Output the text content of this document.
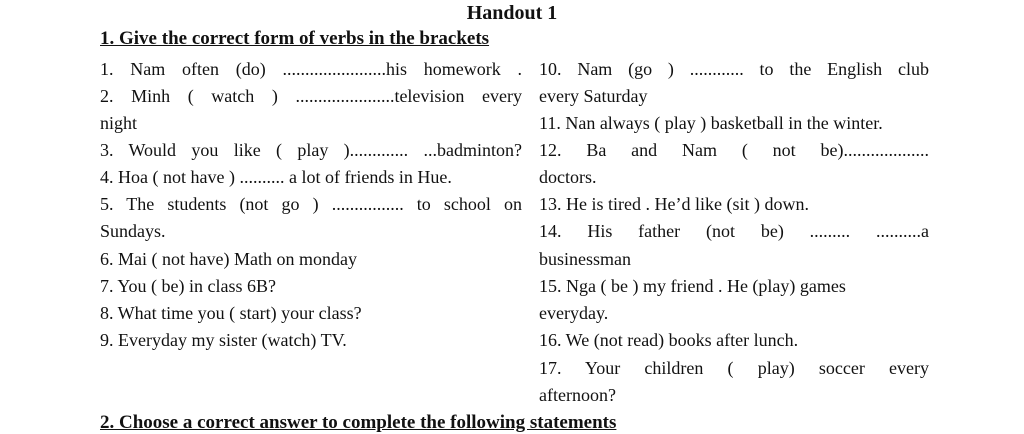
Handout 1
1. Give the correct form of verbs in the brackets
1. Nam often (do) .......................his homework .
2. Minh ( watch ) ......................television every
night
3. Would you like ( play )............. ...badminton?
4. Hoa ( not have ) .......... a lot of friends in Hue.
5. The students (not go ) ................ to school on
Sundays.
6. Mai ( not have) Math on monday
7. You ( be) in class 6B?
8. What time you ( start) your class?
9. Everyday my sister (watch) TV.
10. Nam (go ) ............ to the English club
every Saturday
11. Nan always ( play ) basketball in the winter.
12. Ba and Nam ( not be)...................
doctors.
13. He is tired . He’d like (sit ) down.
14. His father (not be) ......... ..........a
businessman
15. Nga ( be ) my friend . He (play) games
everyday.
16. We (not read) books after lunch.
17. Your children ( play) soccer every
afternoon?
2. Choose a correct answer to complete the following statements
